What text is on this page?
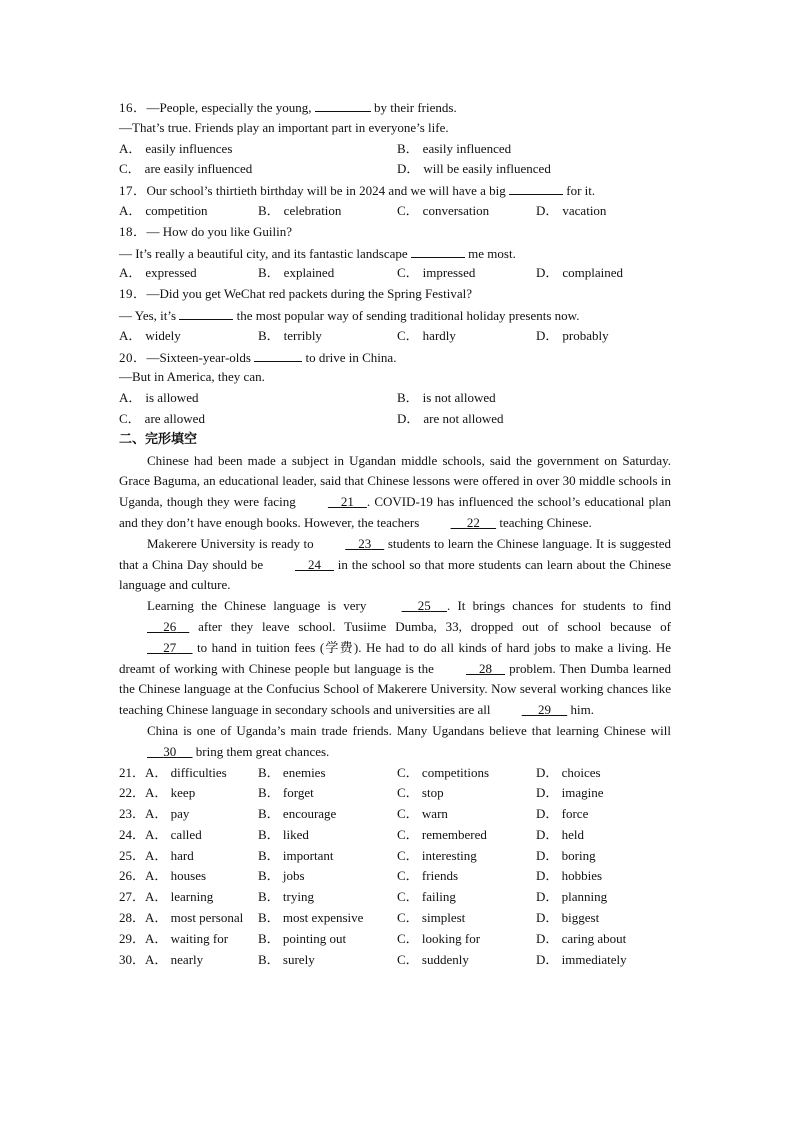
16．—People, especially the young,	by their friends.
—That’s true. Friends play an important part in everyone’s life.
A． easily influences	B． easily influenced
C． are easily influenced	D． will be easily influenced
17．Our school’s thirtieth birthday will be in 2024 and we will have a big	for it.
A． competition	B． celebration	C． conversation	D． vacation
18．— How do you like Guilin?
— It’s really a beautiful city, and its fantastic landscape	me most.
A． expressed	B． explained	C． impressed	D． complained
19．—Did you get WeChat red packets during the Spring Festival?
— Yes, it’s	the most popular way of sending traditional holiday presents now.
A． widely	B． terribly	C． hardly	D． probably
20．—Sixteen-year-olds	to drive in China.
—But in America, they can.
A． is allowed	B． is not allowed
C． are allowed	D． are not allowed
二、完形填空
Chinese had been made a subject in Ugandan middle schools, said the government on Saturday. Grace Baguma, an educational leader, said that Chinese lessons were offered in over 30 middle schools in Uganda, though they were facing	21 . COVID-19 has influenced the school’s educational plan and they don’t have enough books. However, the teachers	22      teaching Chinese.
Makerere University is ready to	23     students to learn the Chinese language. It is suggested that a China Day should be	24     in the school so that more students can learn about the Chinese language and culture.
Learning the Chinese language is very	25 . It brings chances for students to find      26     after they leave school. Tusiime Dumba, 33, dropped out of school because of      27      to hand in tuition fees (学费). He had to do all kinds of hard jobs to make a living. He dreamt of working with Chinese people but language is the	28     problem. Then Dumba learned the Chinese language at the Confucius School of Makerere University. Now several working chances like teaching Chinese language in secondary schools and universities are all	29      him.
China is one of Uganda’s main trade friends. Many Ugandans believe that learning Chinese will      30      bring them great chances.
21．A． difficulties	B． enemies	C． competitions	D． choices
22．A． keep	B． forget	C． stop	D． imagine
23．A． pay	B． encourage	C． warn	D． force
24．A． called	B． liked	C． remembered	D． held
25．A． hard	B． important	C． interesting	D． boring
26．A． houses	B． jobs	C． friends	D． hobbies
27．A． learning	B． trying	C． failing	D． planning
28．A． most personal	B． most expensive	C． simplest	D． biggest
29．A． waiting for	B． pointing out	C． looking for	D． caring about
30．A． nearly	B． surely	C． suddenly	D． immediately
